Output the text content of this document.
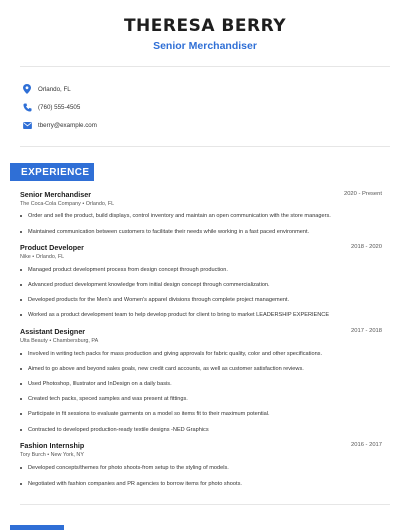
THERESA BERRY
Senior Merchandiser
Orlando, FL
(760) 555-4505
tberry@example.com
EXPERIENCE
Senior Merchandiser	2020 - Present
The Coca-Cola Company • Orlando, FL
Order and sell the product, build displays, control inventory and maintain an open communication with the store managers.
Maintained communication between customers to facilitate their needs while working in a fast paced environment.
Product Developer	2018 - 2020
Nike • Orlando, FL
Managed product development process from design concept through production.
Advanced product development knowledge from initial design concept through commercialization.
Developed products for the Men's and Women's apparel divisions through complete project management.
Worked as a product development team to help develop product for client to bring to market LEADERSHIP EXPERIENCE
Assistant Designer	2017 - 2018
Ulta Beauty • Chambersburg, PA
Involved in writing tech packs for mass production and giving approvals for fabric quality, color and other specifications.
Aimed to go above and beyond sales goals, new credit card accounts, as well as customer satisfaction reviews.
Used Photoshop, Illustrator and InDesign on a daily basis.
Created tech packs, speced samples and was present at fittings.
Participate in fit sessions to evaluate garments on a model so items fit to their maximum potential.
Contracted to developed production-ready textile designs -NED Graphics
Fashion Internship	2016 - 2017
Tory Burch • New York, NY
Developed concepts/themes for photo shoots-from setup to the styling of models.
Negotiated with fashion companies and PR agencies to borrow items for photo shoots.
